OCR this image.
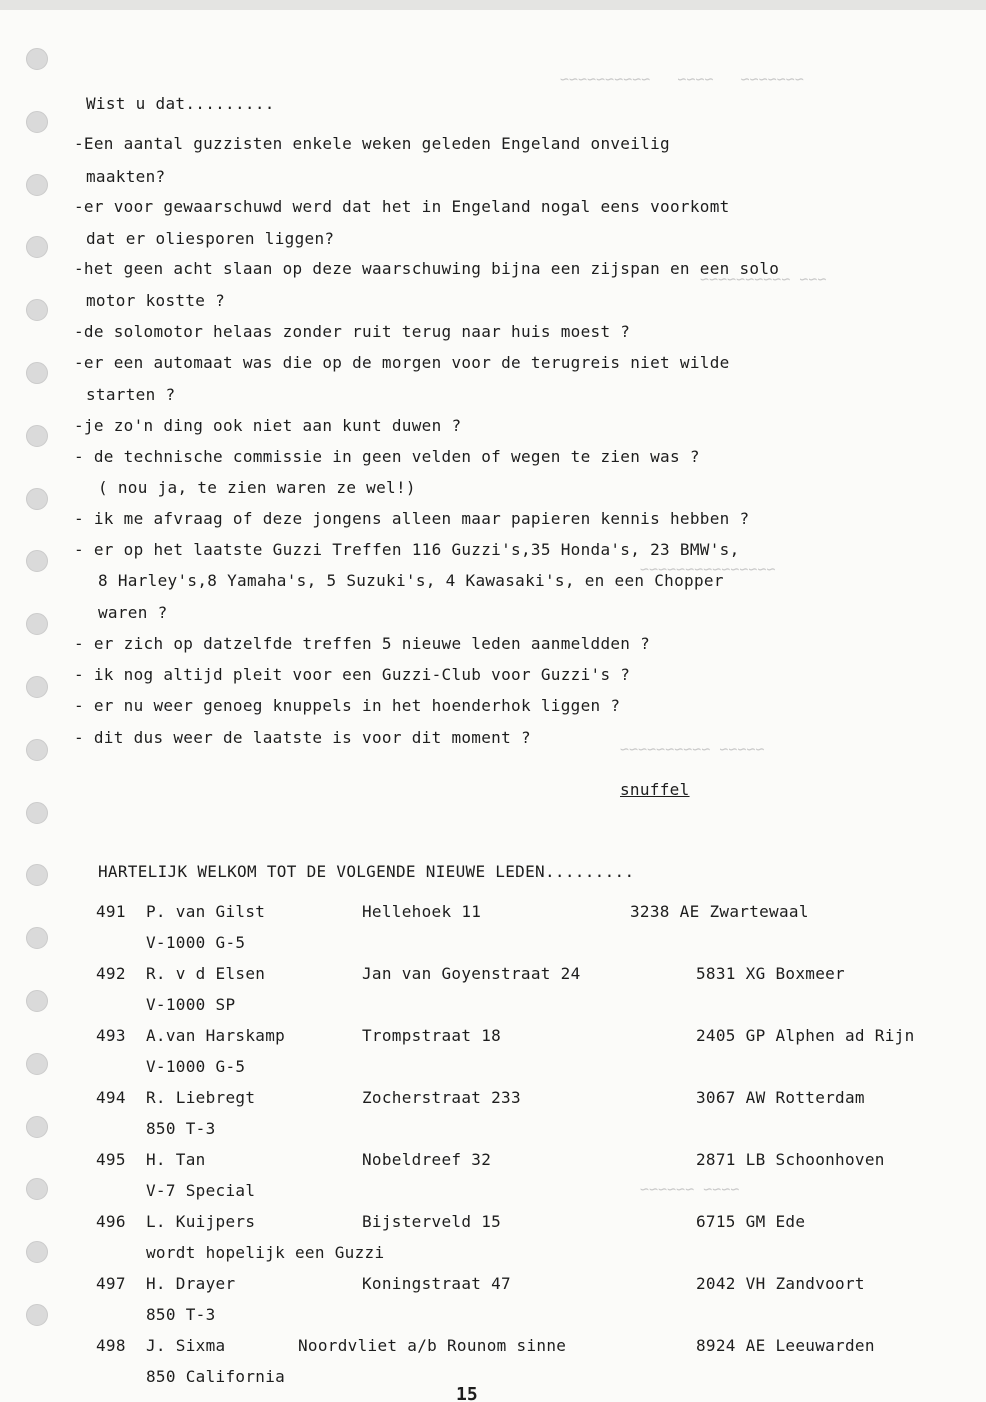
~~~~~~~   ~~~~   ~~~~~~~~~~
~~~ ~~~~~~~~~~
~~~~~~~~~~~~~~~
~~~~~ ~~~~~~~~~~
~~~~ ~~~~~~
Wist u dat.........
-Een aantal guzzisten enkele weken geleden Engeland onveilig
maakten?
-er voor gewaarschuwd werd dat het in Engeland nogal eens voorkomt
dat er oliesporen liggen?
-het geen acht slaan op deze waarschuwing bijna een zijspan en een solo
motor kostte ?
-de solomotor helaas zonder ruit terug naar huis moest ?
-er een automaat was die op de morgen voor de terugreis niet wilde
starten ?
-je zo'n ding ook niet aan kunt duwen ?
- de technische commissie in geen velden of wegen te zien was ?
( nou ja, te zien waren ze wel!)
- ik me afvraag of deze jongens alleen maar papieren kennis hebben ?
- er op het laatste Guzzi Treffen 116 Guzzi's,35 Honda's, 23 BMW's,
8 Harley's,8 Yamaha's, 5 Suzuki's, 4 Kawasaki's, en een Chopper
waren ?
- er zich op datzelfde treffen 5 nieuwe leden aanmeldden ?
- ik nog altijd pleit voor een Guzzi-Club voor Guzzi's ?
- er nu weer genoeg knuppels in het hoenderhok liggen ?
- dit dus weer de laatste is voor dit moment ?
snuffel
HARTELIJK WELKOM TOT DE VOLGENDE NIEUWE LEDEN.........
491 P. van Gilst	Hellehoek 11	3238 AE Zwartewaal
V-1000 G-5
492 R. v d Elsen	Jan van Goyenstraat 24	5831 XG Boxmeer
V-1000 SP
493 A.van Harskamp	Trompstraat 18	2405 GP Alphen ad Rijn
V-1000 G-5
494 R. Liebregt	Zocherstraat 233	3067 AW Rotterdam
850 T-3
495 H. Tan	Nobeldreef 32	2871 LB Schoonhoven
V-7 Special
496 L. Kuijpers	Bijsterveld 15	6715 GM Ede
wordt hopelijk een Guzzi
497 H. Drayer	Koningstraat 47	2042 VH Zandvoort
850 T-3
498 J. Sixma	Noordvliet a/b Rounom sinne	8924 AE Leeuwarden
850 California
15
